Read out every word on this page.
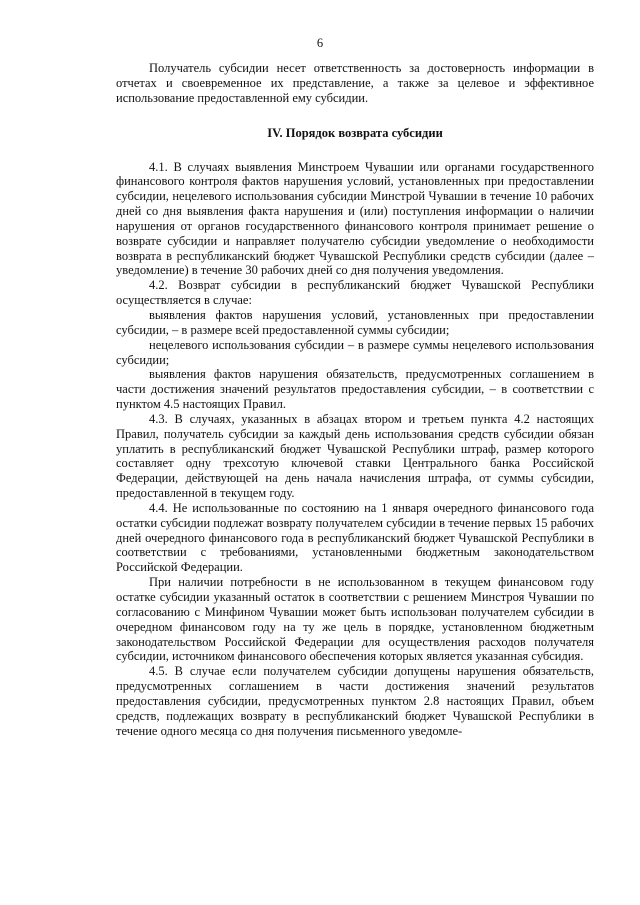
6

Получатель субсидии несет ответственность за достоверность информации в отчетах и своевременное их представление, а также за целевое и эффективное использование предоставленной ему субсидии.

IV. Порядок возврата субсидии

4.1. В случаях выявления Минстроем Чувашии или органами государственного финансового контроля фактов нарушения условий, установленных при предоставлении субсидии, нецелевого использования субсидии Минстрой Чувашии в течение 10 рабочих дней со дня выявления факта нарушения и (или) поступления информации о наличии нарушения от органов государственного финансового контроля принимает решение о возврате субсидии и направляет получателю субсидии уведомление о необходимости возврата в республиканский бюджет Чувашской Республики средств субсидии (далее – уведомление) в течение 30 рабочих дней со дня получения уведомления.

4.2. Возврат субсидии в республиканский бюджет Чувашской Республики осуществляется в случае:

выявления фактов нарушения условий, установленных при предоставлении субсидии, – в размере всей предоставленной суммы субсидии;

нецелевого использования субсидии – в размере суммы нецелевого использования субсидии;

выявления фактов нарушения обязательств, предусмотренных соглашением в части достижения значений результатов предоставления субсидии, – в соответствии с пунктом 4.5 настоящих Правил.

4.3. В случаях, указанных в абзацах втором и третьем пункта 4.2 настоящих Правил, получатель субсидии за каждый день использования средств субсидии обязан уплатить в республиканский бюджет Чувашской Республики штраф, размер которого составляет одну трехсотую ключевой ставки Центрального банка Российской Федерации, действующей на день начала начисления штрафа, от суммы субсидии, предоставленной в текущем году.

4.4. Не использованные по состоянию на 1 января очередного финансового года остатки субсидии подлежат возврату получателем субсидии в течение первых 15 рабочих дней очередного финансового года в республиканский бюджет Чувашской Республики в соответствии с требованиями, установленными бюджетным законодательством Российской Федерации.

При наличии потребности в не использованном в текущем финансовом году остатке субсидии указанный остаток в соответствии с решением Минстроя Чувашии по согласованию с Минфином Чувашии может быть использован получателем субсидии в очередном финансовом году на ту же цель в порядке, установленном бюджетным законодательством Российской Федерации для осуществления расходов получателя субсидии, источником финансового обеспечения которых является указанная субсидия.

4.5. В случае если получателем субсидии допущены нарушения обязательств, предусмотренных соглашением в части достижения значений результатов предоставления субсидии, предусмотренных пунктом 2.8 настоящих Правил, объем средств, подлежащих возврату в республиканский бюджет Чувашской Республики в течение одного месяца со дня получения письменного уведомле-
